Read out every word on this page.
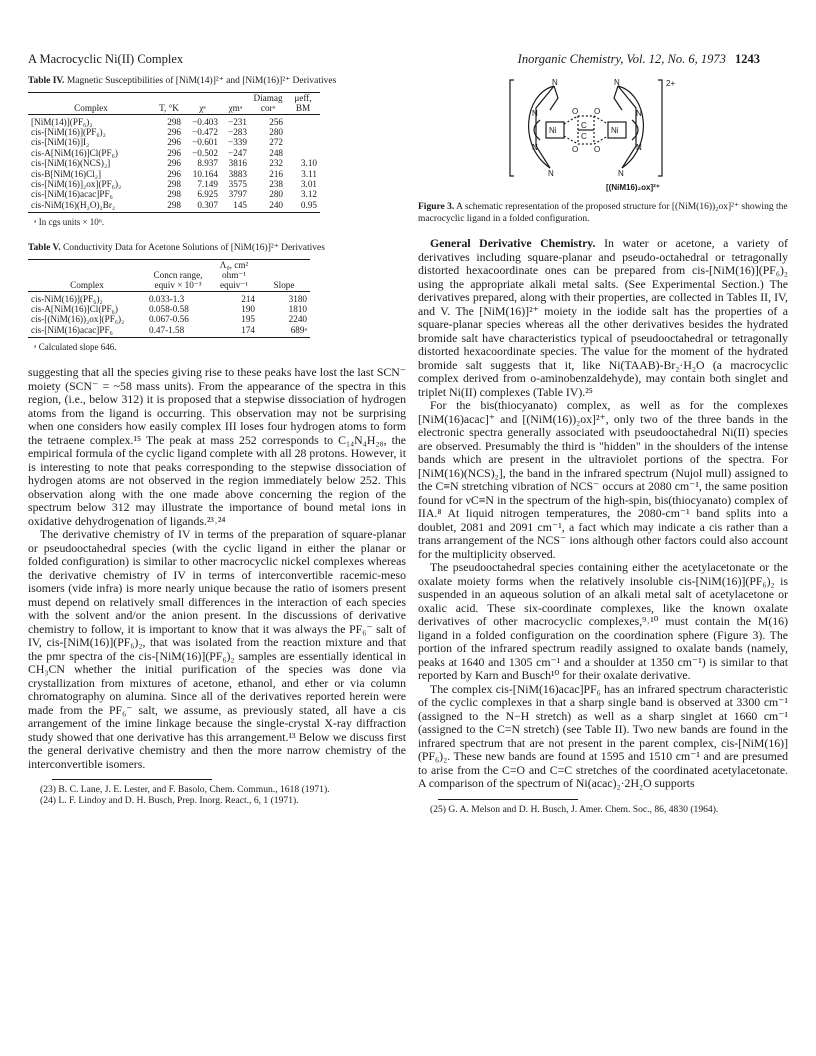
A Macrocyclic Ni(II) Complex	Inorganic Chemistry, Vol. 12, No. 6, 1973 1243

Table IV. Magnetic Susceptibilities of [NiM(14)]²⁺ and [NiM(16)]²⁺ Derivatives

Complex	T, °K	χᵃ	χmᵃ	Diamag corᵃ	μeff, BM
[NiM(14)](PF₆)₂	298	−0.403	−231	256	
cis-[NiM(16)](PF₆)₂	296	−0.472	−283	280	
cis-[NiM(16)]I₂	296	−0.601	−339	272	
cis-A[NiM(16)]Cl(PF₆)	296	−0.502	−247	248	
cis-[NiM(16)(NCS)₂]	296	8.937	3816	232	3.10
cis-B[NiM(16)Cl₂]	296	10.164	3883	216	3.11
cis-[NiM(16)]₂ox](PF₆)₂	298	7.149	3575	238	3.01
cis-[NiM(16)acac]PF₆	298	6.925	3797	280	3.12
cis-NiM(16)(H₂O)₂Br₂	298	0.307	145	240	0.95
ᵃ In cgs units × 10⁶.

Table V. Conductivity Data for Acetone Solutions of [NiM(16)]²⁺ Derivatives

Complex	Concn range, equiv × 10⁻³	Λ₀, cm² ohm⁻¹ equiv⁻¹	Slope
cis-NiM(16)](PF₆)₂	0.033-1.3	214	3180
cis-A[NiM(16)]Cl(PF₆)	0.058-0.58	190	1810
cis-[(NiM(16))₂ox](PF₆)₂	0.067-0.56	195	2240
cis-[NiM(16)acac]PF₆	0.47-1.58	174	689ᵃ
ᵃ Calculated slope 646.

suggesting that all the species giving rise to these peaks have lost the last SCN⁻ moiety (SCN⁻ = ~58 mass units). From the appearance of the spectra in this region, (i.e., below 312) it is proposed that a stepwise dissociation of hydrogen atoms from the ligand is occurring. This observation may not be surprising when one considers how easily complex III loses four hydrogen atoms to form the tetraene complex.¹⁵ The peak at mass 252 corresponds to C₁₄N₄H₂₈, the empirical formula of the cyclic ligand complete with all 28 protons. However, it is interesting to note that peaks corresponding to the stepwise dissociation of hydrogen atoms are not observed in the region immediately below 252. This observation along with the one made above concerning the region of the spectrum below 312 may illustrate the importance of bound metal ions in oxidative dehydrogenation of ligands.²³˒²⁴

The derivative chemistry of IV in terms of the preparation of square-planar or pseudooctahedral species (with the cyclic ligand in either the planar or folded configuration) is similar to other macrocyclic nickel complexes whereas the derivative chemistry of IV in terms of interconvertible racemic-meso isomers (vide infra) is more nearly unique because the ratio of isomers present must depend on relatively small differences in the interaction of each species with the solvent and/or the anion present. In the discussions of derivative chemistry to follow, it is important to know that it was always the PF₆⁻ salt of IV, cis-[NiM(16)](PF₆)₂, that was isolated from the reaction mixture and that the pmr spectra of the cis-[NiM(16)](PF₆)₂ samples are essentially identical in CH₃CN whether the initial purification of the species was done via crystallization from mixtures of acetone, ethanol, and ether or via column chromatography on alumina. Since all of the derivatives reported herein were made from the PF₆⁻ salt, we assume, as previously stated, all have a cis arrangement of the imine linkage because the single-crystal X-ray diffraction study showed that one derivative has this arrangement.¹³ Below we discuss first the general derivative chemistry and then the more narrow chemistry of the interconvertible isomers.

(23) B. C. Lane, J. E. Lester, and F. Basolo, Chem. Commun., 1618 (1971).

(24) L. F. Lindoy and D. H. Busch, Prep. Inorg. React., 6, 1 (1971).

N	N
N
N
N
N
N	N
O O
O O
C
C
Ni	Ni
2+
[(NiM16)₂ox]²⁺

Figure 3. A schematic representation of the proposed structure for [(NiM(16))₂ox]²⁺ showing the macrocyclic ligand in a folded configuration.

General Derivative Chemistry. In water or acetone, a variety of derivatives including square-planar and pseudo-octahedral or tetragonally distorted hexacoordinate ones can be prepared from cis-[NiM(16)](PF₆)₂ using the appropriate alkali metal salts. (See Experimental Section.) The derivatives prepared, along with their properties, are collected in Tables II, IV, and V. The [NiM(16)]²⁺ moiety in the iodide salt has the properties of a square-planar species whereas all the other derivatives besides the hydrated bromide salt have characteristics typical of pseudooctahedral or tetragonally distorted hexacoordinate species. The value for the moment of the hydrated bromide salt suggests that it, like Ni(TAAB)-Br₂·H₂O (a macrocyclic complex derived from o-aminobenzaldehyde), may contain both singlet and triplet Ni(II) complexes (Table IV).²⁵

For the bis(thiocyanato) complex, as well as for the complexes [NiM(16)acac]⁺ and [(NiM(16))₂ox]²⁺, only two of the three bands in the electronic spectra generally associated with pseudooctahedral Ni(II) species are observed. Presumably the third is "hidden" in the shoulders of the intense bands which are present in the ultraviolet portions of the spectra. For [NiM(16)(NCS)₂], the band in the infrared spectrum (Nujol mull) assigned to the C≡N stretching vibration of NCS⁻ occurs at 2080 cm⁻¹, the same position found for νC≡N in the spectrum of the high-spin, bis(thiocyanato) complex of IIA.⁸ At liquid nitrogen temperatures, the 2080-cm⁻¹ band splits into a doublet, 2081 and 2091 cm⁻¹, a fact which may indicate a cis rather than a trans arrangement of the NCS⁻ ions although other factors could also account for the multiplicity observed.

The pseudooctahedral species containing either the acetylacetonate or the oxalate moiety forms when the relatively insoluble cis-[NiM(16)](PF₆)₂ is suspended in an aqueous solution of an alkali metal salt of acetylacetone or oxalic acid. These six-coordinate complexes, like the known oxalate derivatives of other macrocyclic complexes,⁹˒¹⁰ must contain the M(16) ligand in a folded configuration on the coordination sphere (Figure 3). The portion of the infrared spectrum readily assigned to oxalate bands (namely, peaks at 1640 and 1305 cm⁻¹ and a shoulder at 1350 cm⁻¹) is similar to that reported by Karn and Busch¹⁰ for their oxalate derivative.

The complex cis-[NiM(16)acac]PF₆ has an infrared spectrum characteristic of the cyclic complexes in that a sharp single band is observed at 3300 cm⁻¹ (assigned to the N−H stretch) as well as a sharp singlet at 1660 cm⁻¹ (assigned to the C=N stretch) (see Table II). Two new bands are found in the infrared spectrum that are not present in the parent complex, cis-[NiM(16)](PF₆)₂. These new bands are found at 1595 and 1510 cm⁻¹ and are presumed to arise from the C=O and C=C stretches of the coordinated acetylacetonate. A comparison of the spectrum of Ni(acac)₂·2H₂O supports

(25) G. A. Melson and D. H. Busch, J. Amer. Chem. Soc., 86, 4830 (1964).
